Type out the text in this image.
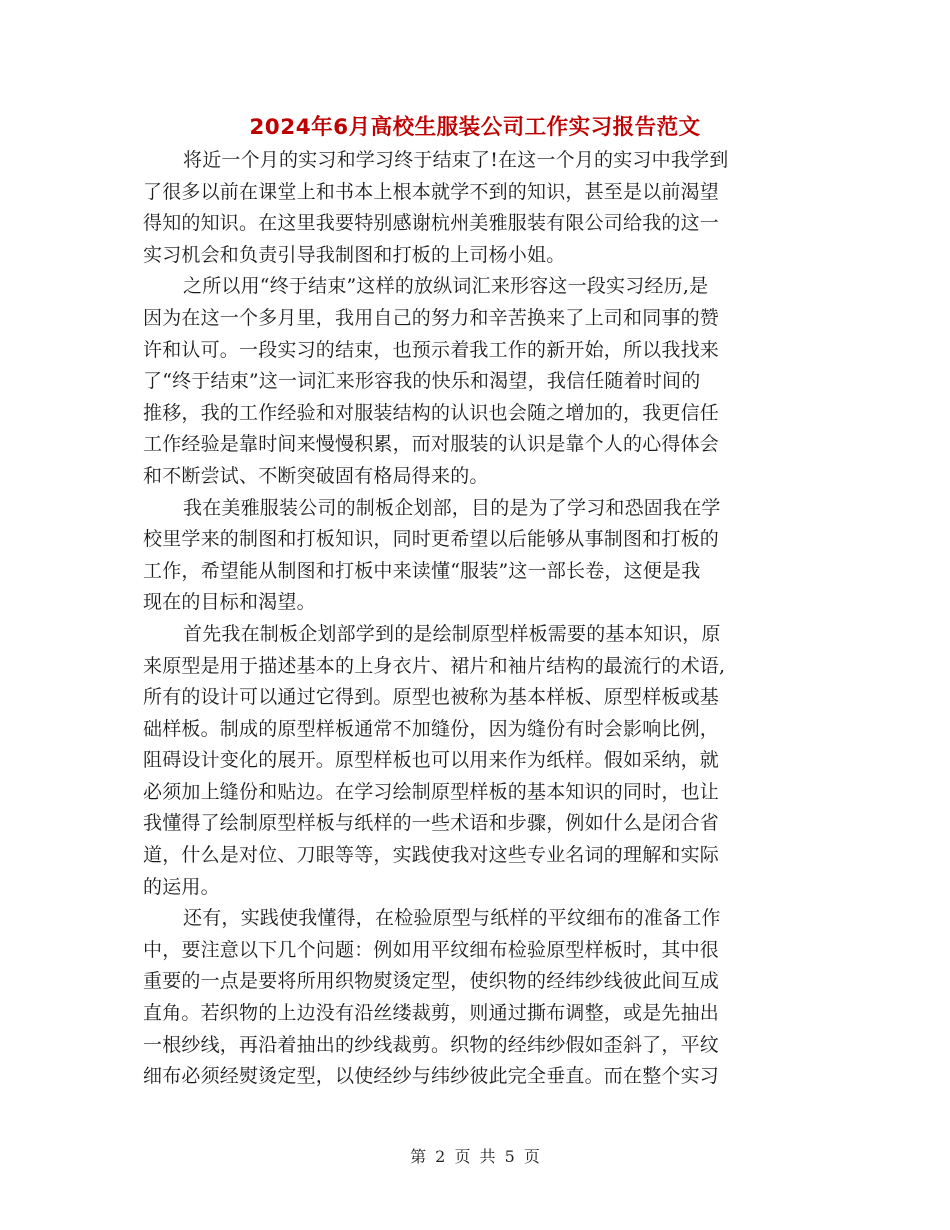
2024年6月高校生服装公司工作实习报告范文
将近一个月的实习和学习终于结束了!在这一个月的实习中我学到
了很多以前在课堂上和书本上根本就学不到的知识，甚至是以前渴望
得知的知识。在这里我要特别感谢杭州美雅服装有限公司给我的这一
实习机会和负责引导我制图和打板的上司杨小姐。
之所以用“终于结束”这样的放纵词汇来形容这一段实习经历,是
因为在这一个多月里，我用自己的努力和辛苦换来了上司和同事的赞
许和认可。一段实习的结束，也预示着我工作的新开始，所以我找来
了“终于结束”这一词汇来形容我的快乐和渴望，我信任随着时间的
推移，我的工作经验和对服装结构的认识也会随之增加的，我更信任
工作经验是靠时间来慢慢积累，而对服装的认识是靠个人的心得体会
和不断尝试、不断突破固有格局得来的。
我在美雅服装公司的制板企划部，目的是为了学习和恐固我在学
校里学来的制图和打板知识，同时更希望以后能够从事制图和打板的
工作，希望能从制图和打板中来读懂“服装”这一部长卷，这便是我
现在的目标和渴望。
首先我在制板企划部学到的是绘制原型样板需要的基本知识，原
来原型是用于描述基本的上身衣片、裙片和袖片结构的最流行的术语,
所有的设计可以通过它得到。原型也被称为基本样板、原型样板或基
础样板。制成的原型样板通常不加缝份，因为缝份有时会影响比例，
阻碍设计变化的展开。原型样板也可以用来作为纸样。假如采纳，就
必须加上缝份和贴边。在学习绘制原型样板的基本知识的同时，也让
我懂得了绘制原型样板与纸样的一些术语和步骤，例如什么是闭合省
道，什么是对位、刀眼等等，实践使我对这些专业名词的理解和实际
的运用。
还有，实践使我懂得，在检验原型与纸样的平纹细布的准备工作
中，要注意以下几个问题：例如用平纹细布检验原型样板时，其中很
重要的一点是要将所用织物熨烫定型，使织物的经纬纱线彼此间互成
直角。若织物的上边没有沿丝缕裁剪，则通过撕布调整，或是先抽出
一根纱线，再沿着抽出的纱线裁剪。织物的经纬纱假如歪斜了，平纹
细布必须经熨烫定型，以使经纱与纬纱彼此完全垂直。而在整个实习
第 2 页 共 5 页
